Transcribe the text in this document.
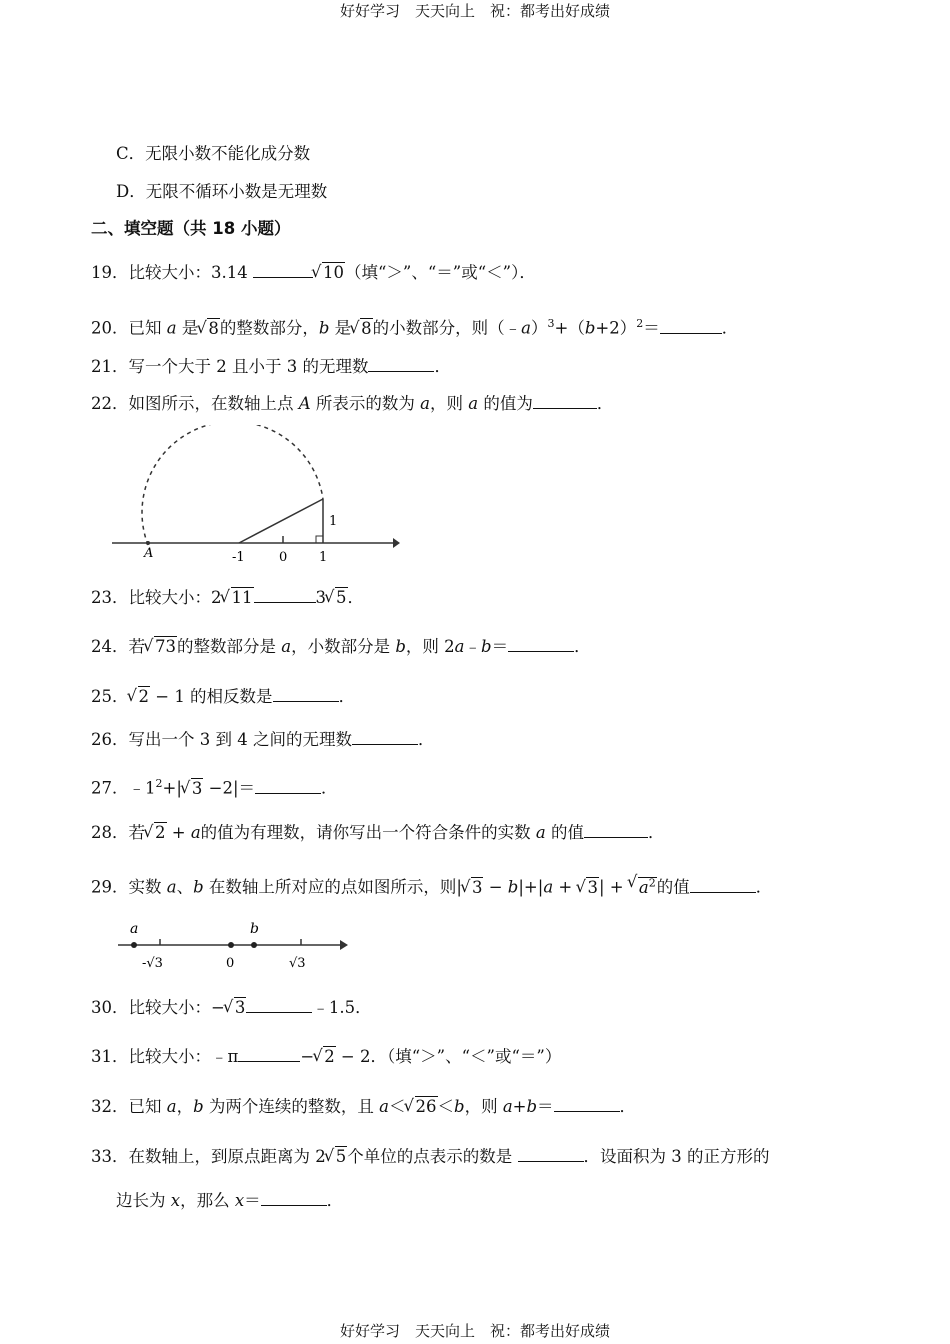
好好学习　天天向上　祝：都考出好成绩
C．无限小数不能化成分数
D．无限不循环小数是无理数
二、填空题（共 18 小题）
19．比较大小：3.14 √	10（填“＞”、“＝”或“＜”）．
20．已知 a 是√ 8的整数部分，b 是√ 8的小数部分，则$(﹣a)^3+(b+2)^2=$	．
21．写一个大于 2 且小于 3 的无理数	．
22．如图所示，在数轴上点 A 所表示的数为 a，则 a 的值为	．
A	-1	0 1
1
23．比较大小：2√ 11	3√ 5．
24．若√ 73的整数部分是 a，小数部分是 b，则 2a﹣b＝	．
25．√ 2 − 1 的相反数是	．
26．写出一个 3 到 4 之间的无理数	．
27．$﹣1^2+|√$ 3 −2|＝	．
28．若√ 2 + a的值为有理数，请你写出一个符合条件的实数 a 的值	．
29．实数 a、b 在数轴上所对应的点如图所示，则|√ 3 − b|+|a + √ 3| + √ $a^2$的值	．
a	b
-√3	0	√3
30．比较大小：−√ 3	﹣1.5．
31．比较大小：﹣π	−√ 2 − 2．（填“＞”、“＜”或“＝”）
32．已知 a，b 为两个连续的整数，且 a＜√ 26＜b，则 a+b＝	．
33．在数轴上，到原点距离为 2√ 5个单位的点表示的数是	．设面积为 3 的正方形的
边长为 x，那么 x＝	．
好好学习　天天向上　祝：都考出好成绩
